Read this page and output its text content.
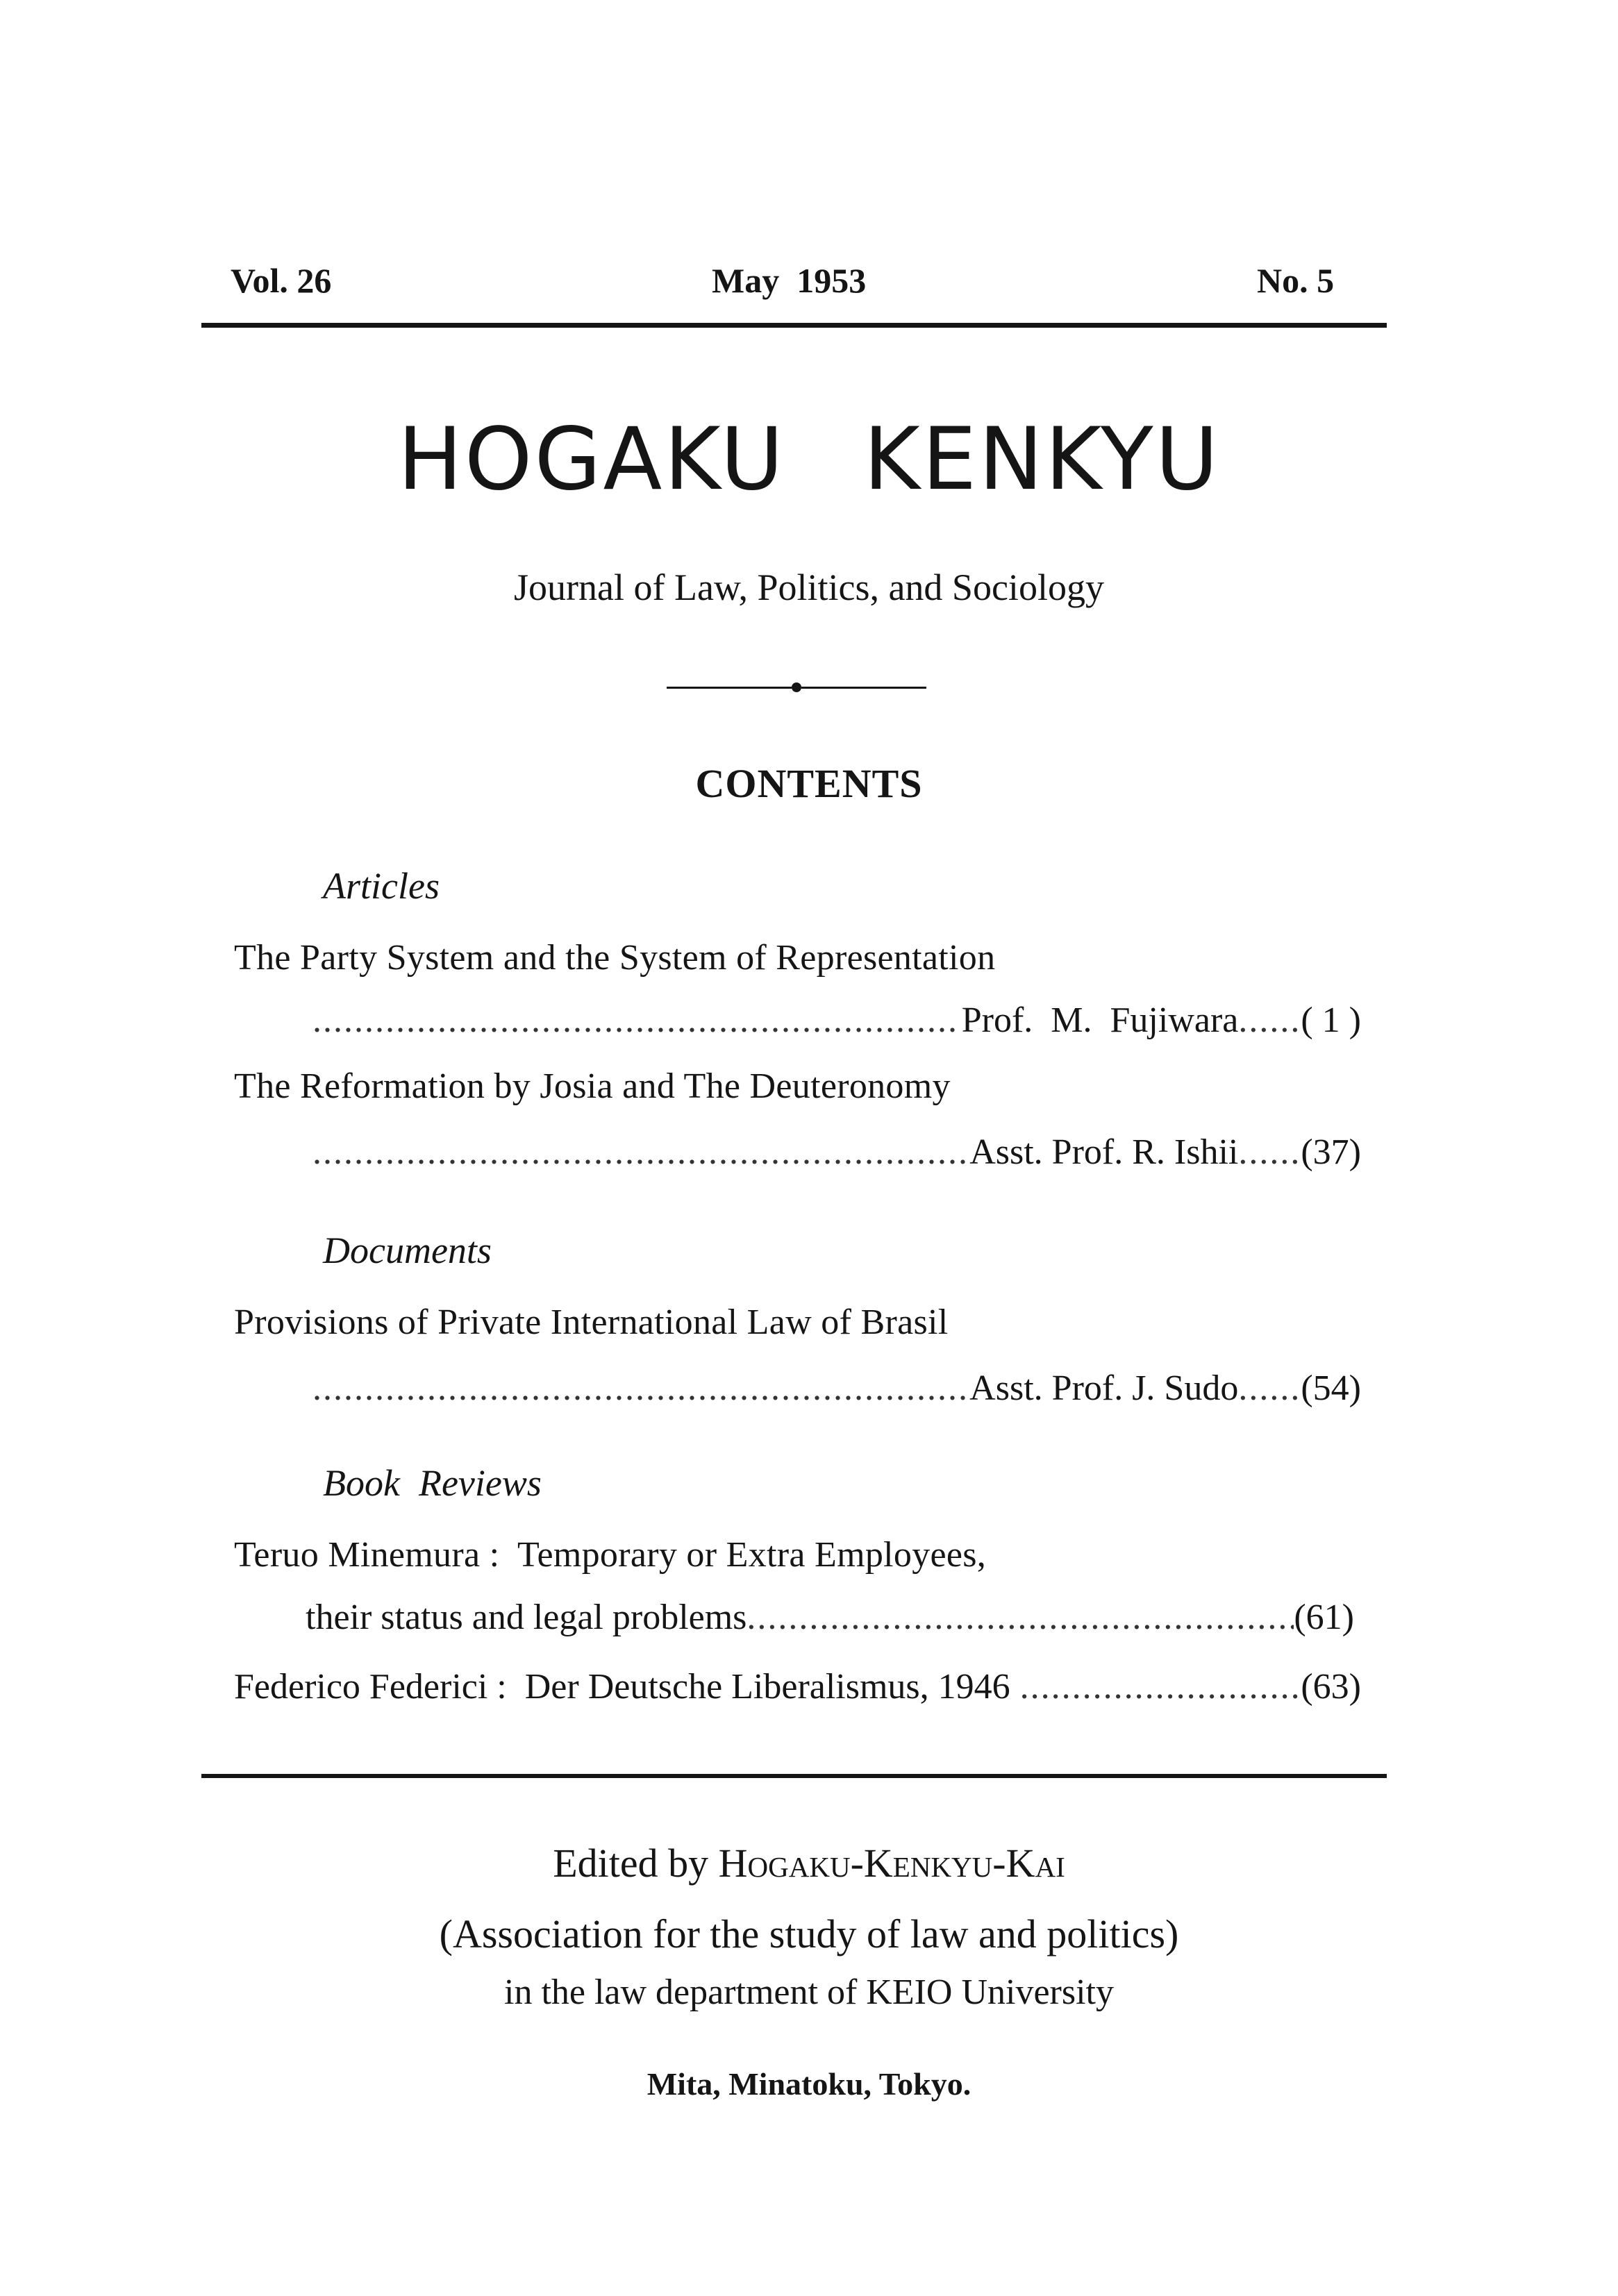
Vol. 26	May  1953	No. 5
HOGAKU KENKYU
Journal of Law, Politics, and Sociology
CONTENTS
Articles
The Party System and the System of Representation
.....
Prof.  M.  Fujiwara ...... ( 1 )
The Reformation by Josia and The Deuteronomy
.....
Asst. Prof. R. Ishii ...... (37)
Documents
Provisions of Private International Law of Brasil
.....
Asst. Prof. J. Sudo ...... (54)
Book  Reviews
Teruo Minemura :  Temporary or Extra Employees,
their status and legal problems .....	(61)
Federico Federici :  Der Deutsche Liberalismus, 1946 .....	(63)
Edited by Hogaku-Kenkyu-Kai
(Association for the study of law and politics)
in the law department of KEIO University
Mita, Minatoku, Tokyo.
